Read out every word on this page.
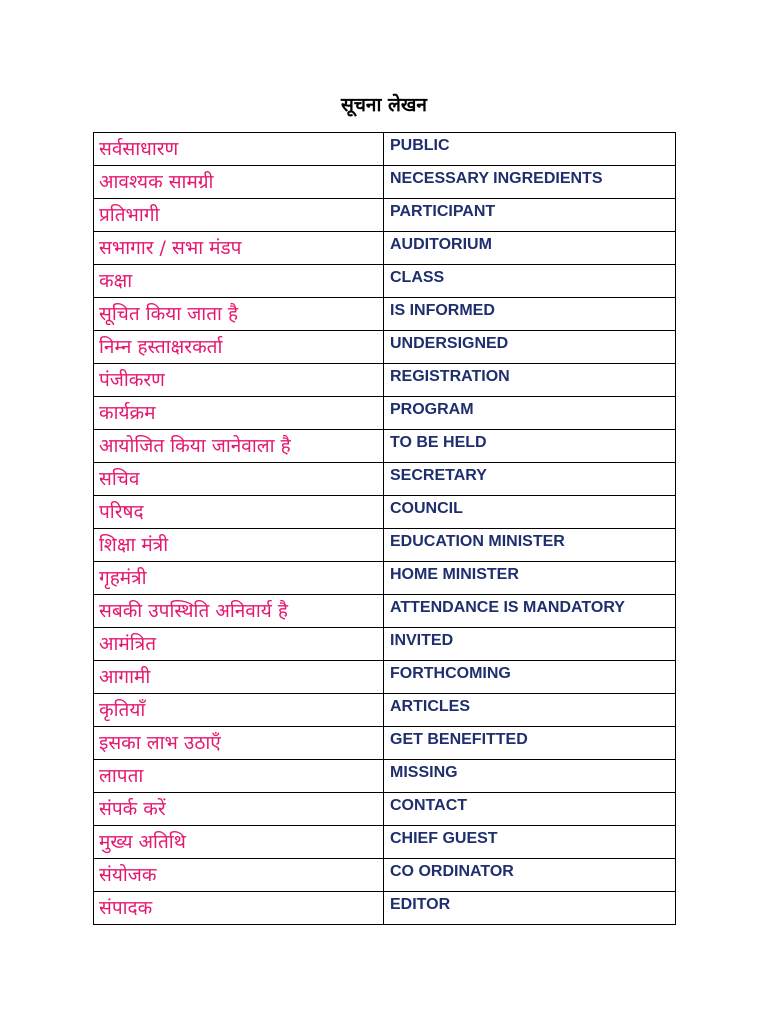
सूचना लेखन
सर्वसाधारण	PUBLIC
आवश्यक सामग्री	NECESSARY INGREDIENTS
प्रतिभागी	PARTICIPANT
सभागार / सभा मंडप	AUDITORIUM
कक्षा	CLASS
सूचित किया जाता है	IS INFORMED
निम्न हस्ताक्षरकर्ता	UNDERSIGNED
पंजीकरण	REGISTRATION
कार्यक्रम	PROGRAM
आयोजित किया जानेवाला है	TO BE HELD
सचिव	SECRETARY
परिषद	COUNCIL
शिक्षा मंत्री	EDUCATION MINISTER
गृहमंत्री	HOME MINISTER
सबकी उपस्थिति अनिवार्य है	ATTENDANCE IS MANDATORY
आमंत्रित	INVITED
आगामी	FORTHCOMING
कृतियाँ	ARTICLES
इसका लाभ उठाएँ	GET BENEFITTED
लापता	MISSING
संपर्क करें	CONTACT
मुख्य अतिथि	CHIEF GUEST
संयोजक	CO ORDINATOR
संपादक	EDITOR
